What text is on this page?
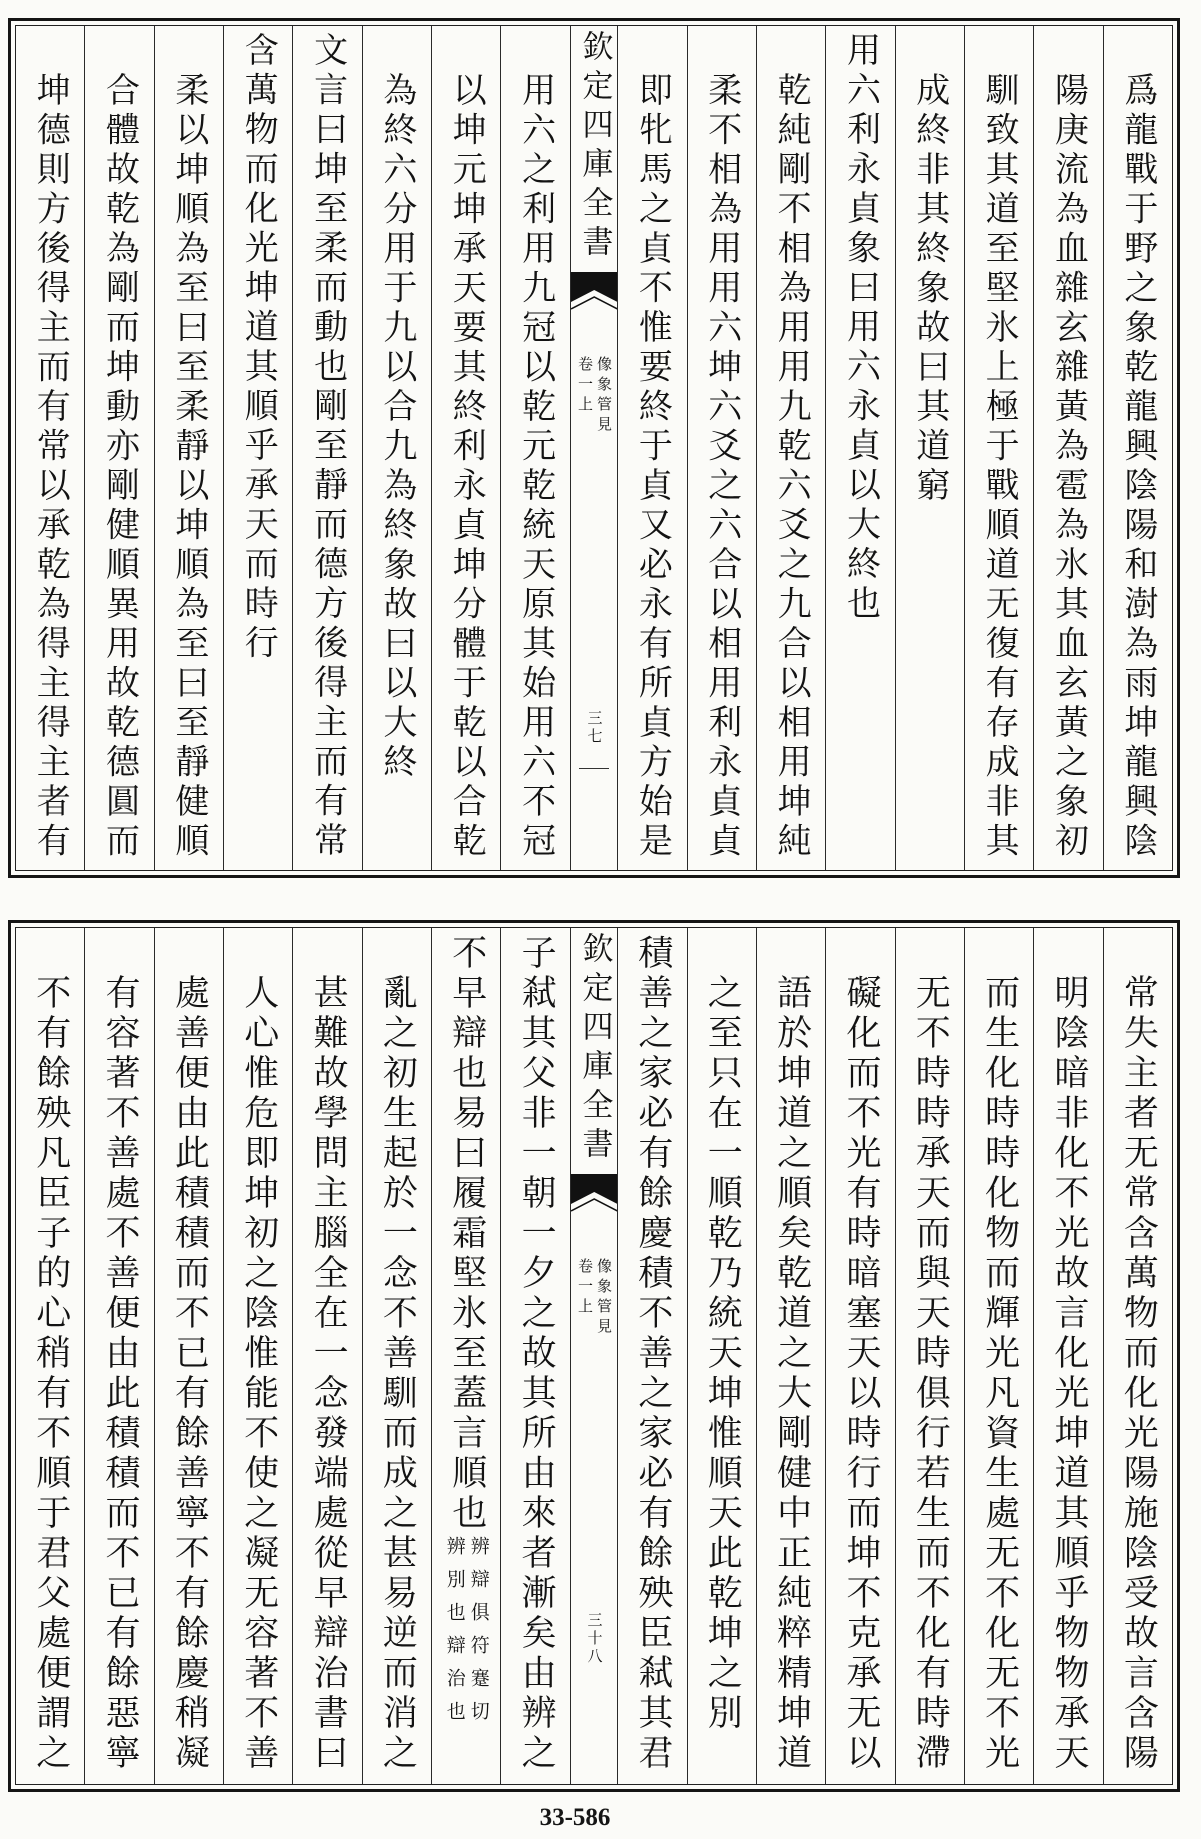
爲龍戰于野之象乾龍興陰陽和澍為雨坤龍興陰
陽庚流為血雜玄雜黃為雹為氷其血玄黃之象初
馴致其道至堅氷上極于戰順道无復有存成非其
成終非其終象故曰其道窮
用六利永貞象曰用六永貞以大終也
乾純剛不相為用用九乾六爻之九合以相用坤純
柔不相為用用六坤六爻之六合以相用利永貞貞
即牝馬之貞不惟要終于貞又必永有所貞方始是
欽定四庫全書
像象管見
卷一上
三七
用六之利用九冠以乾元乾統天原其始用六不冠
以坤元坤承天要其終利永貞坤分體于乾以合乾
為終六分用于九以合九為終象故曰以大終
文言曰坤至柔而動也剛至靜而德方後得主而有常
含萬物而化光坤道其順乎承天而時行
柔以坤順為至曰至柔靜以坤順為至曰至靜健順
合體故乾為剛而坤動亦剛健順異用故乾德圓而
坤德則方後得主而有常以承乾為得主得主者有
常失主者无常含萬物而化光陽施陰受故言含陽
明陰暗非化不光故言化光坤道其順乎物物承天
而生化時時化物而輝光凡資生處无不化无不光
无不時時承天而與天時俱行若生而不化有時滯
礙化而不光有時暗塞天以時行而坤不克承无以
語於坤道之順矣乾道之大剛健中正純粹精坤道
之至只在一順乾乃統天坤惟順天此乾坤之別
積善之家必有餘慶積不善之家必有餘殃臣弒其君
欽定四庫全書
像象管見
卷一上
三十八
子弒其父非一朝一夕之故其所由來者漸矣由辨之
不早辯也易曰履霜堅氷至蓋言順也
辨辯俱符蹇切
辨別也辯治也
亂之初生起於一念不善馴而成之甚易逆而消之
甚難故學問主腦全在一念發端處從早辯治書曰
人心惟危即坤初之陰惟能不使之凝无容著不善
處善便由此積積而不已有餘善寧不有餘慶稍凝
有容著不善處不善便由此積積而不已有餘惡寧
不有餘殃凡臣子的心稍有不順于君父處便謂之
33-586
